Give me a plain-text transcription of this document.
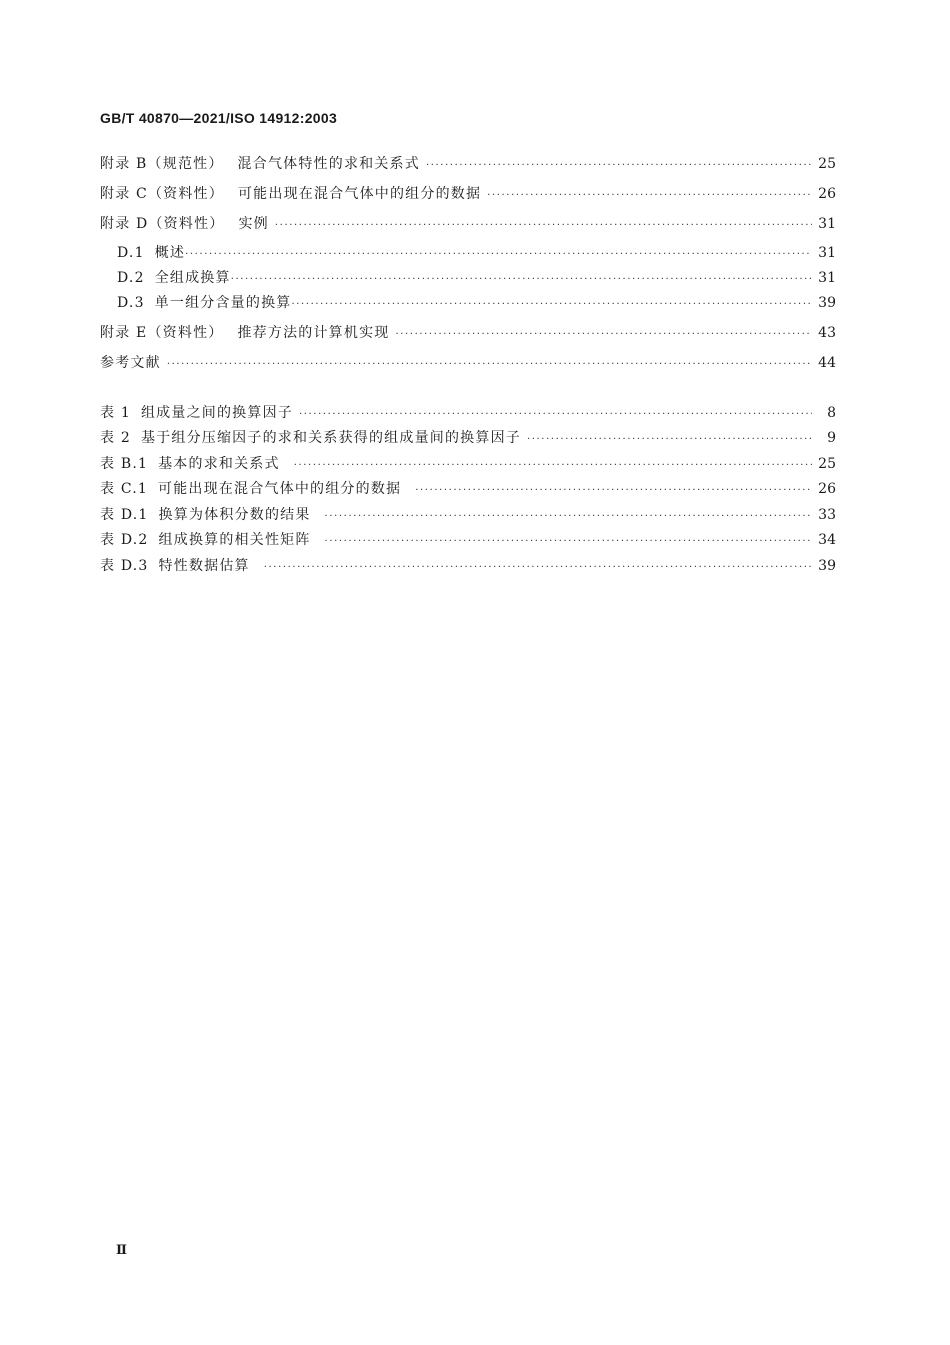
GB/T 40870—2021/ISO 14912:2003
附录 B（规范性） 混合气体特性的求和关系式 ·····	25
附录 C（资料性） 可能出现在混合气体中的组分的数据 ·····	26
附录 D（资料性） 实例 ·····	31
D.1 概述 ·····	31
D.2 全组成换算 ·····	31
D.3 单一组分含量的换算 ·····	39
附录 E（资料性） 推荐方法的计算机实现 ·····	43
参考文献 ·····	44
表 1 组成量之间的换算因子 ·····	8
表 2 基于组分压缩因子的求和关系获得的组成量间的换算因子 ·····	9
表 B.1 基本的求和关系式 ·····	25
表 C.1 可能出现在混合气体中的组分的数据 ·····	26
表 D.1 换算为体积分数的结果 ·····	33
表 D.2 组成换算的相关性矩阵 ·····	34
表 D.3 特性数据估算 ·····	39
Ⅱ
